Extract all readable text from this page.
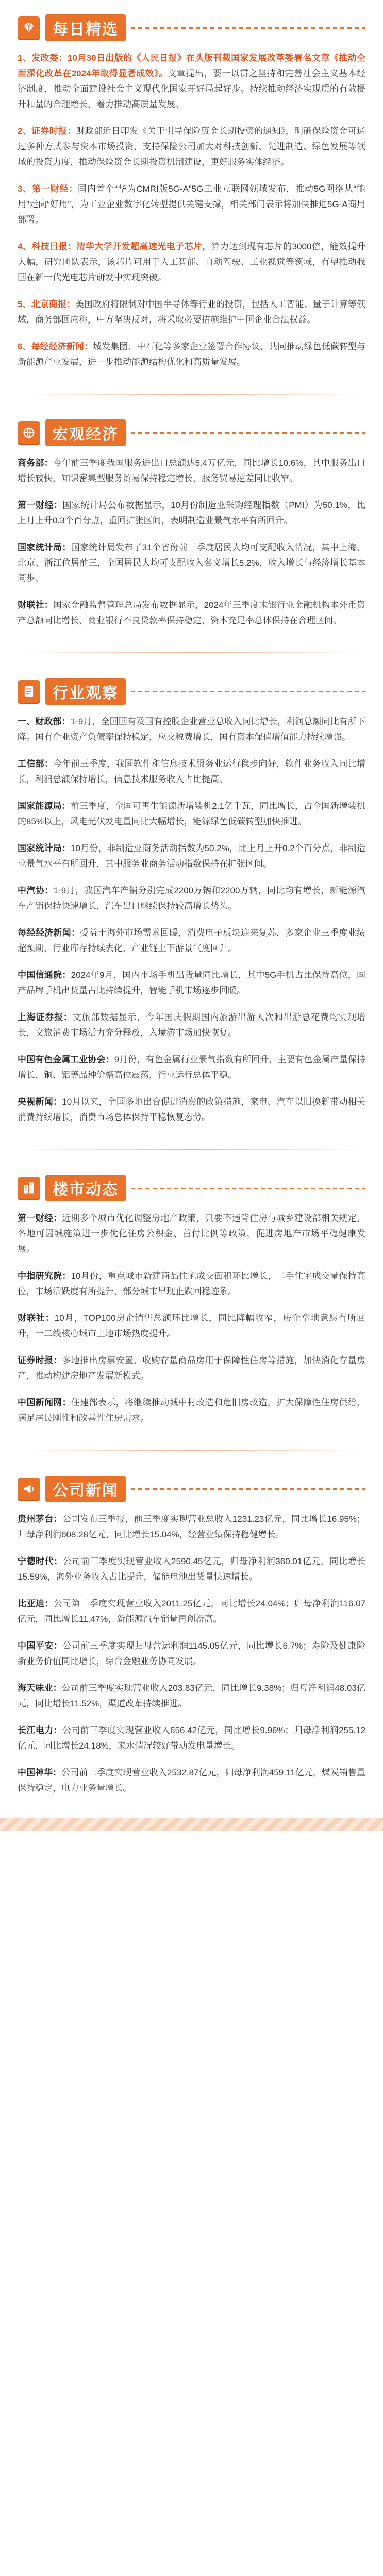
每日精选

1、发改委：10月30日出版的《人民日报》在头版刊载国家发展改革委署名文章《推动全面深化改革在2024年取得显著成效》。文章提出，要一以贯之坚持和完善社会主义基本经济制度，推动全面建设社会主义现代化国家开好局起好步。持续推动经济实现质的有效提升和量的合理增长，着力推动高质量发展。

2、证券时报：财政部近日印发《关于引导保险资金长期投资的通知》，明确保险资金可通过多种方式参与资本市场投资，支持保险公司加大对科技创新、先进制造、绿色发展等领域的投资力度，推动保险资金长期投资机制建设，更好服务实体经济。

3、第一财经：国内首个“华为CMRI版5G-A”5G工业互联网领域发布，推动5G网络从“能用”走向“好用”，为工业企业数字化转型提供关键支撑，相关部门表示将加快推进5G-A商用部署。

4、科技日报：清华大学开发超高速光电子芯片，算力达到现有芯片的3000倍，能效提升大幅，研究团队表示，该芯片可用于人工智能、自动驾驶、工业视觉等领域，有望推动我国在新一代光电芯片研发中实现突破。

5、北京商报：美国政府将限制对中国半导体等行业的投资，包括人工智能、量子计算等领域，商务部回应称，中方坚决反对，将采取必要措施维护中国企业合法权益。

6、每经经济新闻：城发集团、中石化等多家企业签署合作协议，共同推动绿色低碳转型与新能源产业发展，进一步推动能源结构优化和高质量发展。

宏观经济

商务部：今年前三季度我国服务进出口总额达5.4万亿元，同比增长10.6%，其中服务出口增长较快，知识密集型服务贸易保持稳定增长，服务贸易逆差同比收窄。

第一财经：国家统计局公布数据显示，10月份制造业采购经理指数（PMI）为50.1%，比上月上升0.3个百分点，重回扩张区间，表明制造业景气水平有所回升。

国家统计局：国家统计局发布了31个省份前三季度居民人均可支配收入情况，其中上海、北京、浙江位居前三，全国居民人均可支配收入名义增长5.2%，收入增长与经济增长基本同步。

财联社：国家金融监督管理总局发布数据显示，2024年三季度末银行业金融机构本外币资产总额同比增长，商业银行不良贷款率保持稳定，资本充足率总体保持在合理区间。

行业观察

一、财政部：1-9月，全国国有及国有控股企业营业总收入同比增长，利润总额同比有所下降。国有企业资产负债率保持稳定，应交税费增长，国有资本保值增值能力持续增强。

工信部：今年前三季度，我国软件和信息技术服务业运行稳步向好，软件业务收入同比增长，利润总额保持增长，信息技术服务收入占比提高。

国家能源局：前三季度，全国可再生能源新增装机2.1亿千瓦，同比增长，占全国新增装机的85%以上，风电光伏发电量同比大幅增长，能源绿色低碳转型加快推进。

国家统计局：10月份，非制造业商务活动指数为50.2%，比上月上升0.2个百分点，非制造业景气水平有所回升，其中服务业商务活动指数保持在扩张区间。

中汽协：1-9月，我国汽车产销分别完成2200万辆和2200万辆，同比均有增长，新能源汽车产销保持快速增长，汽车出口继续保持较高增长势头。

每经经济新闻：受益于海外市场需求回暖，消费电子板块迎来复苏，多家企业三季度业绩超预期，行业库存持续去化，产业链上下游景气度回升。

中国信通院：2024年9月，国内市场手机出货量同比增长，其中5G手机占比保持高位，国产品牌手机出货量占比持续提升，智能手机市场逐步回暖。

上海证券报：文旅部数据显示，今年国庆假期国内旅游出游人次和出游总花费均实现增长，文旅消费市场活力充分释放，入境游市场加快恢复。

中国有色金属工业协会：9月份，有色金属行业景气指数有所回升，主要有色金属产量保持增长，铜、铝等品种价格高位震荡，行业运行总体平稳。

央视新闻：10月以来，全国多地出台促进消费的政策措施，家电、汽车以旧换新带动相关消费持续增长，消费市场总体保持平稳恢复态势。

楼市动态

第一财经：近期多个城市优化调整房地产政策，只要不违背住房与城乡建设部相关规定，各地可因城施策进一步优化住房公积金、首付比例等政策，促进房地产市场平稳健康发展。

中指研究院：10月份，重点城市新建商品住宅成交面积环比增长，二手住宅成交量保持高位，市场活跃度有所提升，部分城市出现止跌回稳迹象。

财联社：10月，TOP100房企销售总额环比增长，同比降幅收窄，房企拿地意愿有所回升，一二线核心城市土地市场热度提升。

证券时报：多地推出房票安置、收购存量商品房用于保障性住房等措施，加快消化存量房产，推动构建房地产发展新模式。

中国新闻网：住建部表示，将继续推动城中村改造和危旧房改造，扩大保障性住房供给，满足居民刚性和改善性住房需求。

公司新闻

贵州茅台：公司发布三季报，前三季度实现营业总收入1231.23亿元，同比增长16.95%；归母净利润608.28亿元，同比增长15.04%，经营业绩保持稳健增长。

宁德时代：公司前三季度实现营业收入2590.45亿元，归母净利润360.01亿元，同比增长15.59%，海外业务收入占比提升，储能电池出货量快速增长。

比亚迪：公司第三季度实现营业收入2011.25亿元，同比增长24.04%；归母净利润116.07亿元，同比增长11.47%，新能源汽车销量再创新高。

中国平安：公司前三季度实现归母营运利润1145.05亿元，同比增长6.7%；寿险及健康险新业务价值同比增长，综合金融业务协同发展。

海天味业：公司前三季度实现营业收入203.83亿元，同比增长9.38%；归母净利润48.03亿元，同比增长11.52%，渠道改革持续推进。

长江电力：公司前三季度实现营业收入656.42亿元，同比增长9.96%；归母净利润255.12亿元，同比增长24.18%，来水情况较好带动发电量增长。

中国神华：公司前三季度实现营业收入2532.87亿元，归母净利润459.11亿元，煤炭销售量保持稳定，电力业务量增长。
